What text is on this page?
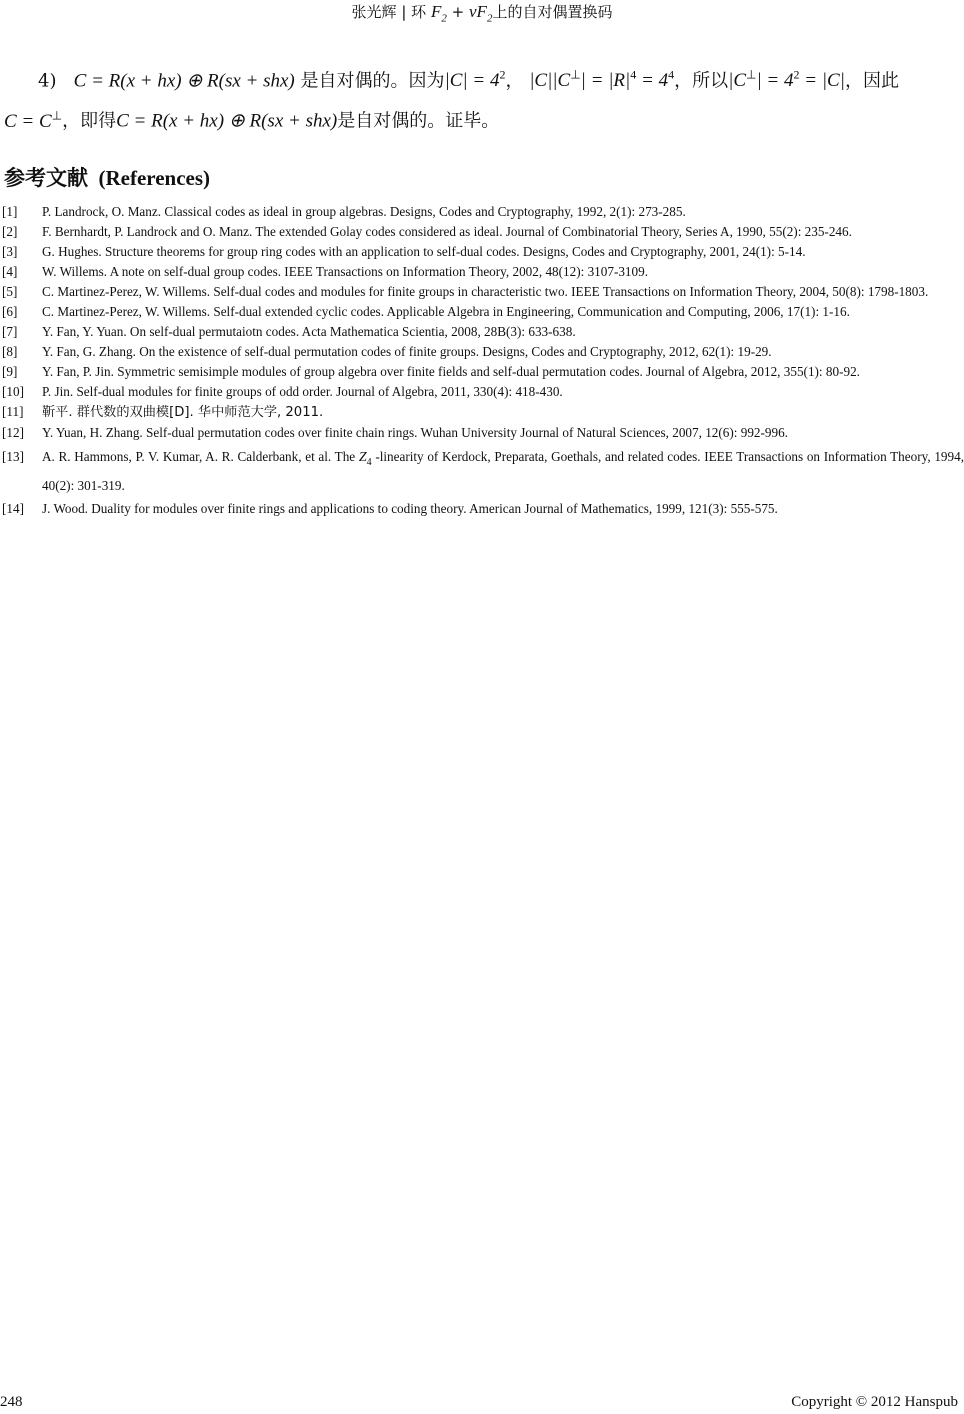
张光辉 | 环 $F_2 + vF_2$上的自对偶置换码
4) C = R(x + hx) ⊕ R(sx + shx) 是自对偶的。因为$|C| = 4^2$， $|C||C^\perp| = |R|^4 = 4^4$，所以$|C^\perp| = 4^2 = |C|$，因此
C = C⊥，即得C = R(x + hx) ⊕ R(sx + shx)是自对偶的。证毕。
参考文献 (References)
[1] P. Landrock, O. Manz. Classical codes as ideal in group algebras. Designs, Codes and Cryptography, 1992, 2(1): 273-285.
[2] F. Bernhardt, P. Landrock and O. Manz. The extended Golay codes considered as ideal. Journal of Combinatorial Theory, Series A, 1990, 55(2): 235-246.
[3] G. Hughes. Structure theorems for group ring codes with an application to self-dual codes. Designs, Codes and Cryptography, 2001, 24(1): 5-14.
[4] W. Willems. A note on self-dual group codes. IEEE Transactions on Information Theory, 2002, 48(12): 3107-3109.
[5] C. Martinez-Perez, W. Willems. Self-dual codes and modules for finite groups in characteristic two. IEEE Transactions on Information Theory, 2004, 50(8): 1798-1803.
[6] C. Martinez-Perez, W. Willems. Self-dual extended cyclic codes. Applicable Algebra in Engineering, Communication and Computing, 2006, 17(1): 1-16.
[7] Y. Fan, Y. Yuan. On self-dual permutaiotn codes. Acta Mathematica Scientia, 2008, 28B(3): 633-638.
[8] Y. Fan, G. Zhang. On the existence of self-dual permutation codes of finite groups. Designs, Codes and Cryptography, 2012, 62(1): 19-29.
[9] Y. Fan, P. Jin. Symmetric semisimple modules of group algebra over finite fields and self-dual permutation codes. Journal of Algebra, 2012, 355(1): 80-92.
[10] P. Jin. Self-dual modules for finite groups of odd order. Journal of Algebra, 2011, 330(4): 418-430.
[11] 靳平. 群代数的双曲模[D]. 华中师范大学, 2011.
[12] Y. Yuan, H. Zhang. Self-dual permutation codes over finite chain rings. Wuhan University Journal of Natural Sciences, 2007, 12(6): 992-996.
[13] A. R. Hammons, P. V. Kumar, A. R. Calderbank, et al. The $Z_4$ -linearity of Kerdock, Preparata, Goethals, and related codes. IEEE Transactions on Information Theory, 1994, 40(2): 301-319.
[14] J. Wood. Duality for modules over finite rings and applications to coding theory. American Journal of Mathematics, 1999, 121(3): 555-575.
248	Copyright © 2012 Hanspub
